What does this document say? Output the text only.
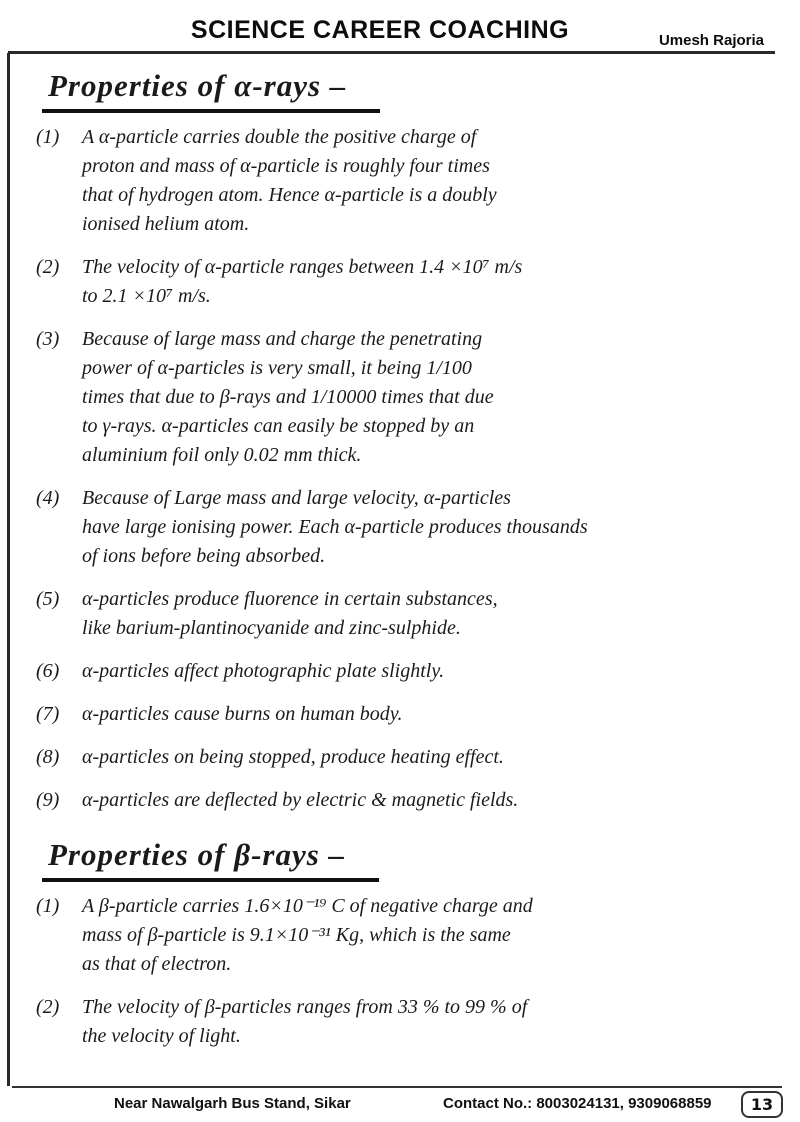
SCIENCE CAREER COACHING	Umesh Rajoria
Properties of α-rays –
(1)	A α-particle carries double the positive charge of
proton and mass of α-particle is roughly four times
that of hydrogen atom. Hence α-particle is a doubly
ionised helium atom.
(2)	The velocity of α-particle ranges between 1.4 ×10⁷ m/s
to 2.1 ×10⁷ m/s.
(3)	Because of large mass and charge the penetrating
power of α-particles is very small, it being 1/100
times that due to β-rays and 1/10000 times that due
to γ-rays. α-particles can easily be stopped by an
aluminium foil only 0.02 mm thick.
(4)	Because of Large mass and large velocity, α-particles
have large ionising power. Each α-particle produces thousands
of ions before being absorbed.
(5)	α-particles produce fluorence in certain substances,
like barium-plantinocyanide and zinc-sulphide.
(6)	α-particles affect photographic plate slightly.
(7)	α-particles cause burns on human body.
(8)	α-particles on being stopped, produce heating effect.
(9)	α-particles are deflected by electric & magnetic fields.
Properties of β-rays –
(1)	A β-particle carries 1.6×10⁻¹⁹ C of negative charge and
mass of β-particle is 9.1×10⁻³¹ Kg, which is the same
as that of electron.
(2)	The velocity of β-particles ranges from 33 % to 99 % of
the velocity of light.
Near Nawalgarh Bus Stand, Sikar	Contact No.: 8003024131, 9309068859	13
